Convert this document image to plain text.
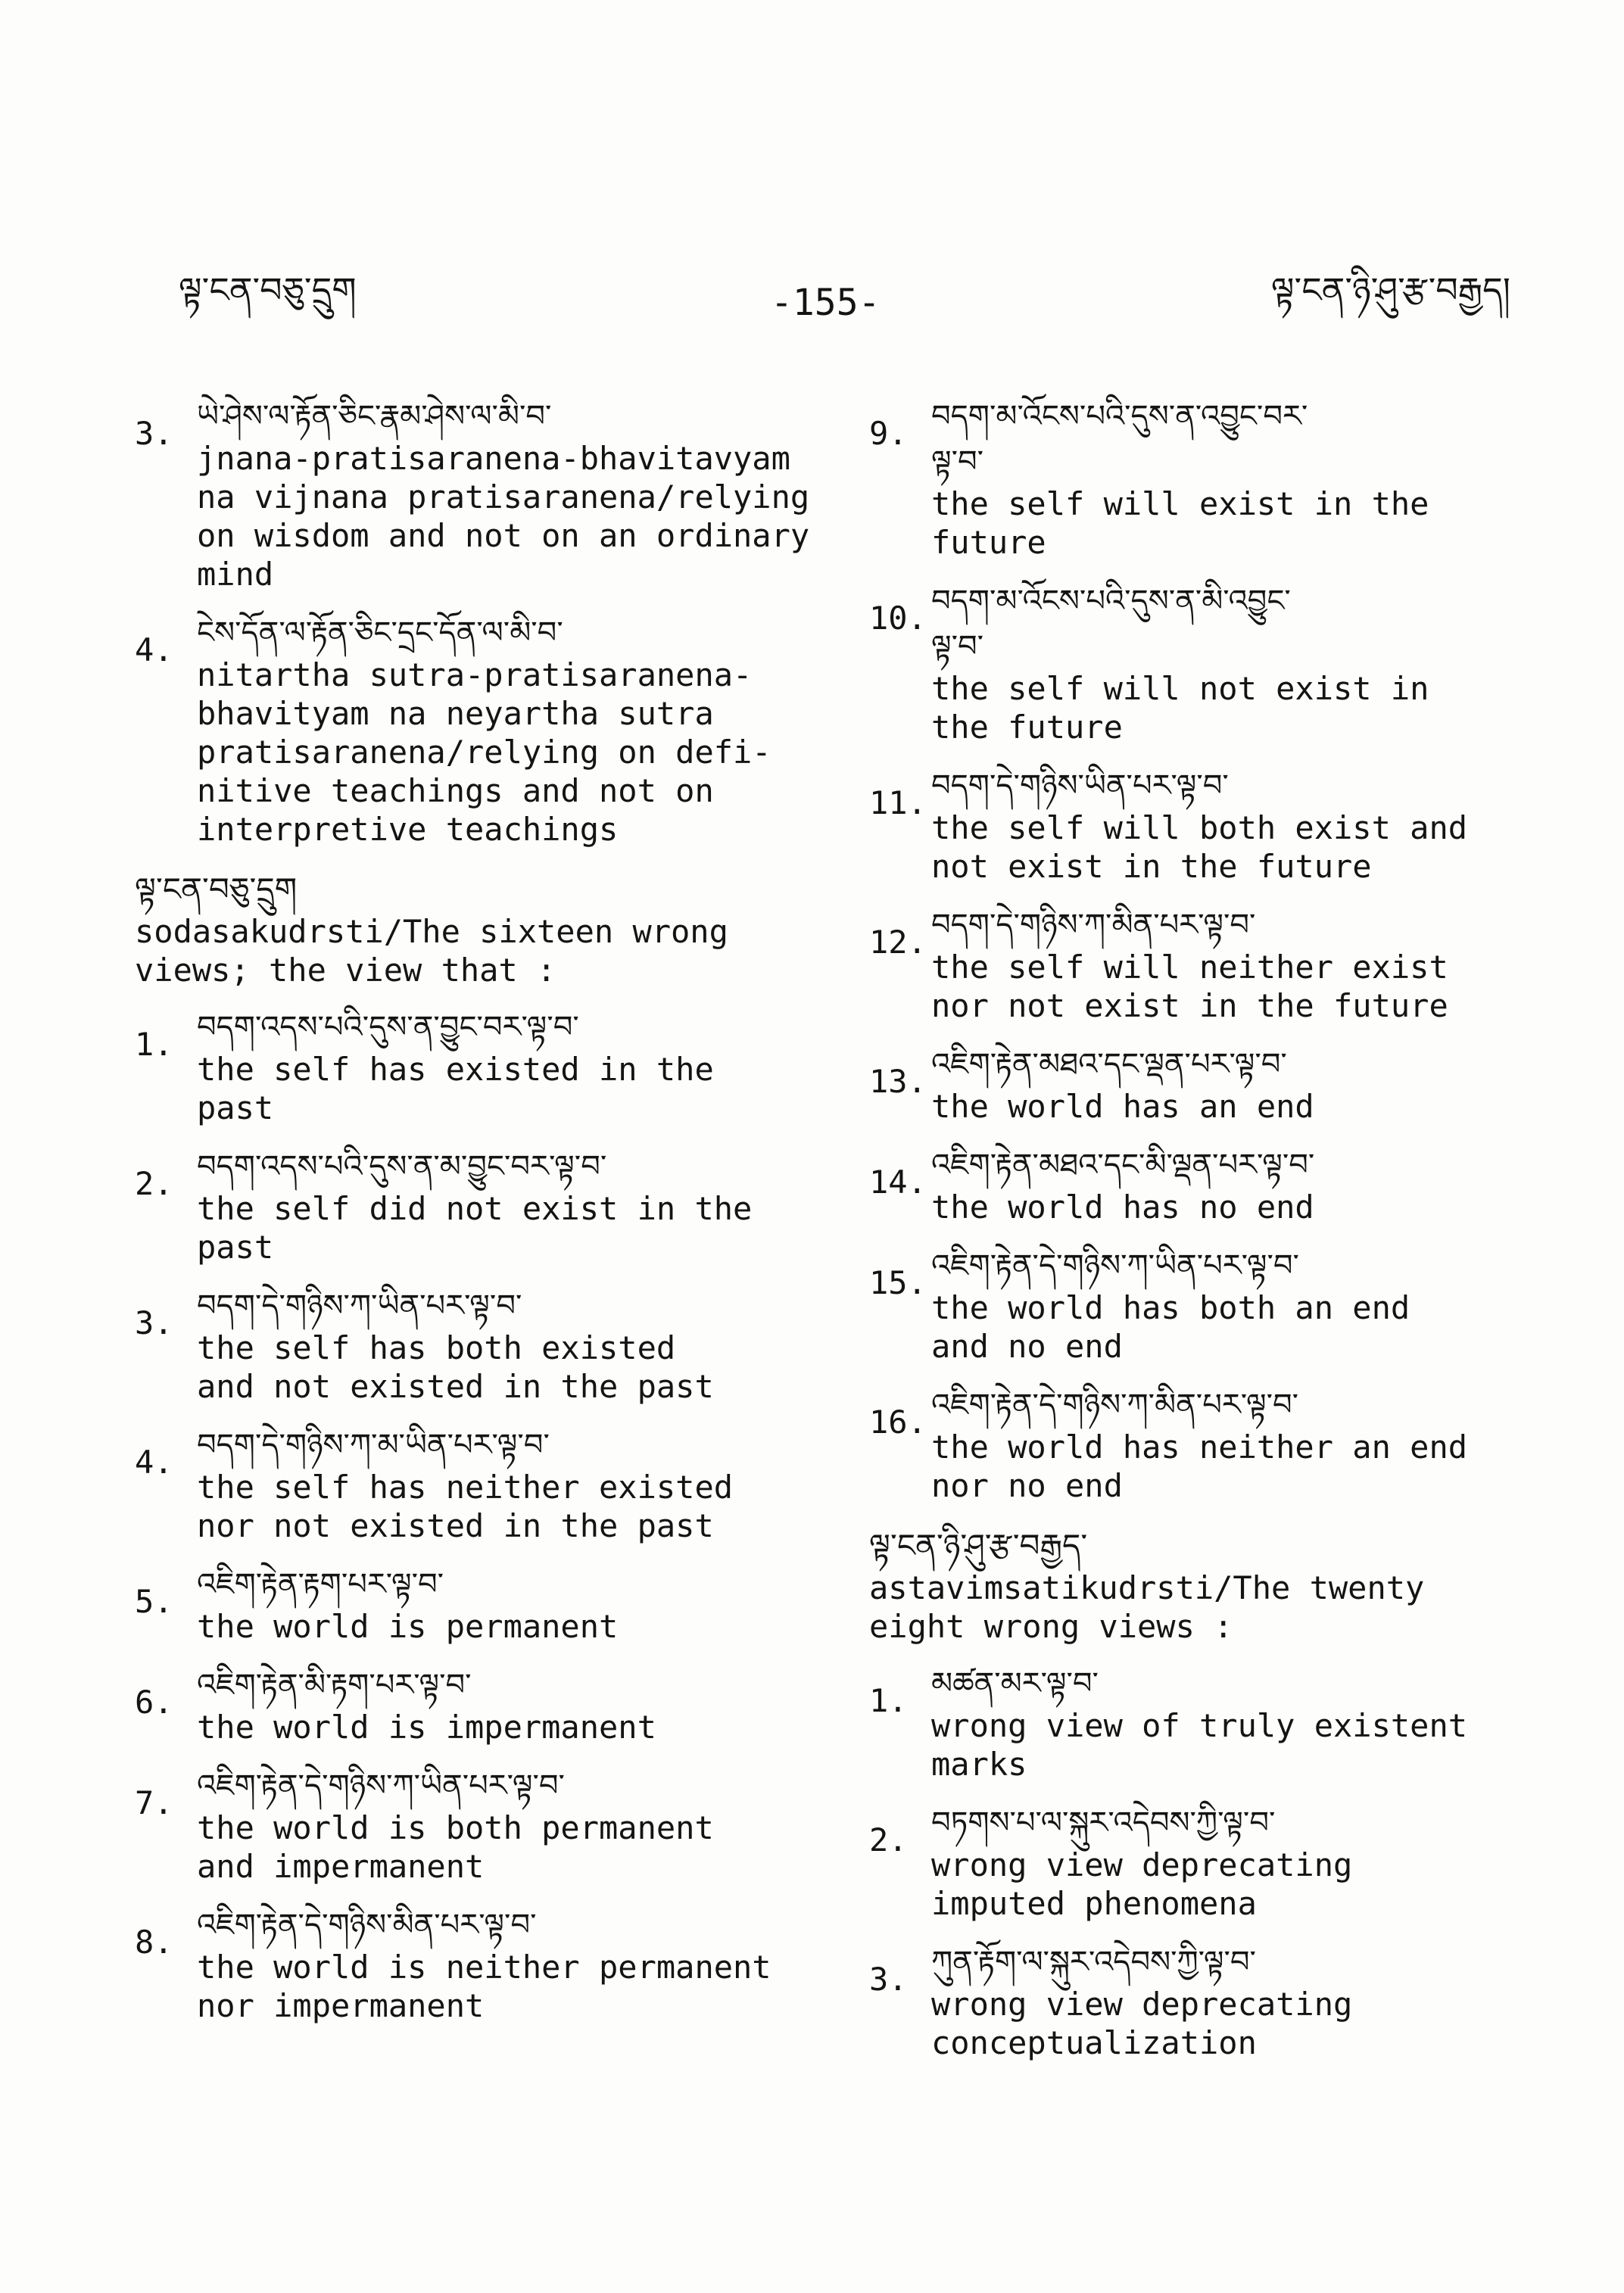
ལྟ་ངན་བཅུ་དྲུག	-155-	ལྟ་ངན་ཉི་ཤུ་རྩ་བརྒྱད།
3. ཡེ་ཤེས་ལ་རྟོན་ཅིང་རྣམ་ཤེས་ལ་མི་བ་
jnana-pratisaranena-bhavitavyam
na vijnana pratisaranena/relying
on wisdom and not on an ordinary
mind
4. ངེས་དོན་ལ་རྟོན་ཅིང་དྲང་དོན་ལ་མི་བ་
nitartha sutra-pratisaranena-
bhavityam na neyartha sutra
pratisaranena/relying on defi-
nitive teachings and not on
interpretive teachings
ལྟ་ངན་བཅུ་དྲུག
sodasakudrsti/The sixteen wrong
views; the view that :
1. བདག་འདས་པའི་དུས་ན་བྱུང་བར་ལྟ་བ་
the self has existed in the
past
2. བདག་འདས་པའི་དུས་ན་མ་བྱུང་བར་ལྟ་བ་
the self did not exist in the
past
3. བདག་དེ་གཉིས་ཀ་ཡིན་པར་ལྟ་བ་
the self has both existed
and not existed in the past
4. བདག་དེ་གཉིས་ཀ་མ་ཡིན་པར་ལྟ་བ་
the self has neither existed
nor not existed in the past
5. འཇིག་རྟེན་རྟག་པར་ལྟ་བ་
the world is permanent
6. འཇིག་རྟེན་མི་རྟག་པར་ལྟ་བ་
the world is impermanent
7. འཇིག་རྟེན་དེ་གཉིས་ཀ་ཡིན་པར་ལྟ་བ་
the world is both permanent
and impermanent
8. འཇིག་རྟེན་དེ་གཉིས་མིན་པར་ལྟ་བ་
the world is neither permanent
nor impermanent
9. བདག་མ་འོངས་པའི་དུས་ན་འབྱུང་བར་
ལྟ་བ་
the self will exist in the
future
10. བདག་མ་འོངས་པའི་དུས་ན་མི་འབྱུང་
ལྟ་བ་
the self will not exist in
the future
11. བདག་དེ་གཉིས་ཡིན་པར་ལྟ་བ་
the self will both exist and
not exist in the future
12. བདག་དེ་གཉིས་ཀ་མིན་པར་ལྟ་བ་
the self will neither exist
nor not exist in the future
13. འཇིག་རྟེན་མཐའ་དང་ལྡན་པར་ལྟ་བ་
the world has an end
14. འཇིག་རྟེན་མཐའ་དང་མི་ལྡན་པར་ལྟ་བ་
the world has no end
15. འཇིག་རྟེན་དེ་གཉིས་ཀ་ཡིན་པར་ལྟ་བ་
the world has both an end
and no end
16. འཇིག་རྟེན་དེ་གཉིས་ཀ་མིན་པར་ལྟ་བ་
the world has neither an end
nor no end
ལྟ་ངན་ཉི་ཤུ་རྩ་བརྒྱད་
astavimsatikudrsti/The twenty
eight wrong views :
1. མཚན་མར་ལྟ་བ་
wrong view of truly existent
marks
2. བཏགས་པ་ལ་སྐུར་འདེབས་ཀྱི་ལྟ་བ་
wrong view deprecating
imputed phenomena
3. ཀུན་རྟོག་ལ་སྐུར་འདེབས་ཀྱི་ལྟ་བ་
wrong view deprecating
conceptualization
